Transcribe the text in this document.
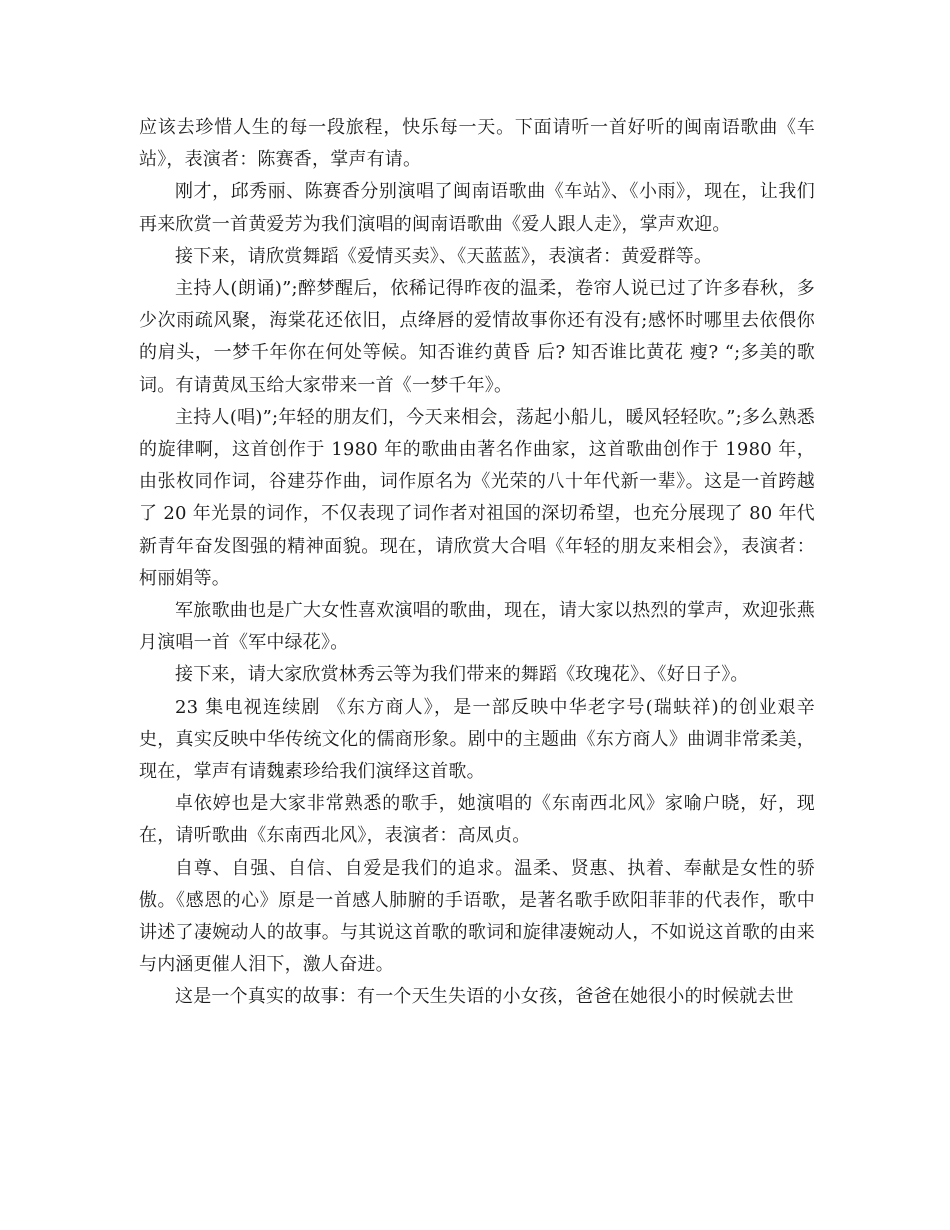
应该去珍惜人生的每一段旅程，快乐每一天。下面请听一首好听的闽南语歌曲《车站》，表演者：陈赛香，掌声有请。

刚才，邱秀丽、陈赛香分别演唱了闽南语歌曲《车站》、《小雨》，现在，让我们再来欣赏一首黄爱芳为我们演唱的闽南语歌曲《爱人跟人走》，掌声欢迎。

接下来，请欣赏舞蹈《爱情买卖》、《天蓝蓝》，表演者：黄爱群等。

主持人(朗诵)”;醉梦醒后，依稀记得昨夜的温柔，卷帘人说已过了许多春秋，多少次雨疏风聚，海棠花还依旧，点绛唇的爱情故事你还有没有;感怀时哪里去依偎你的肩头，一梦千年你在何处等候。知否谁约黄昏 后? 知否谁比黄花 瘦? “;多美的歌词。有请黄凤玉给大家带来一首《一梦千年》。

主持人(唱)”;年轻的朋友们，今天来相会，荡起小船儿，暖风轻轻吹。”;多么熟悉的旋律啊，这首创作于 1980 年的歌曲由著名作曲家，这首歌曲创作于 1980 年，由张枚同作词，谷建芬作曲，词作原名为《光荣的八十年代新一辈》。这是一首跨越了 20 年光景的词作，不仅表现了词作者对祖国的深切希望，也充分展现了 80 年代新青年奋发图强的精神面貌。现在，请欣赏大合唱《年轻的朋友来相会》，表演者：柯丽娟等。

军旅歌曲也是广大女性喜欢演唱的歌曲，现在，请大家以热烈的掌声，欢迎张燕月演唱一首《军中绿花》。

接下来，请大家欣赏林秀云等为我们带来的舞蹈《玫瑰花》、《好日子》。

23 集电视连续剧 《东方商人》，是一部反映中华老字号(瑞蚨祥)的创业艰辛史，真实反映中华传统文化的儒商形象。剧中的主题曲《东方商人》曲调非常柔美，现在，掌声有请魏素珍给我们演绎这首歌。

卓依婷也是大家非常熟悉的歌手，她演唱的《东南西北风》家喻户晓，好，现在，请听歌曲《东南西北风》，表演者：高凤贞。

自尊、自强、自信、自爱是我们的追求。温柔、贤惠、执着、奉献是女性的骄傲。《感恩的心》原是一首感人肺腑的手语歌，是著名歌手欧阳菲菲的代表作，歌中讲述了凄婉动人的故事。与其说这首歌的歌词和旋律凄婉动人，不如说这首歌的由来与内涵更催人泪下，激人奋进。

这是一个真实的故事：有一个天生失语的小女孩，爸爸在她很小的时候就去世
